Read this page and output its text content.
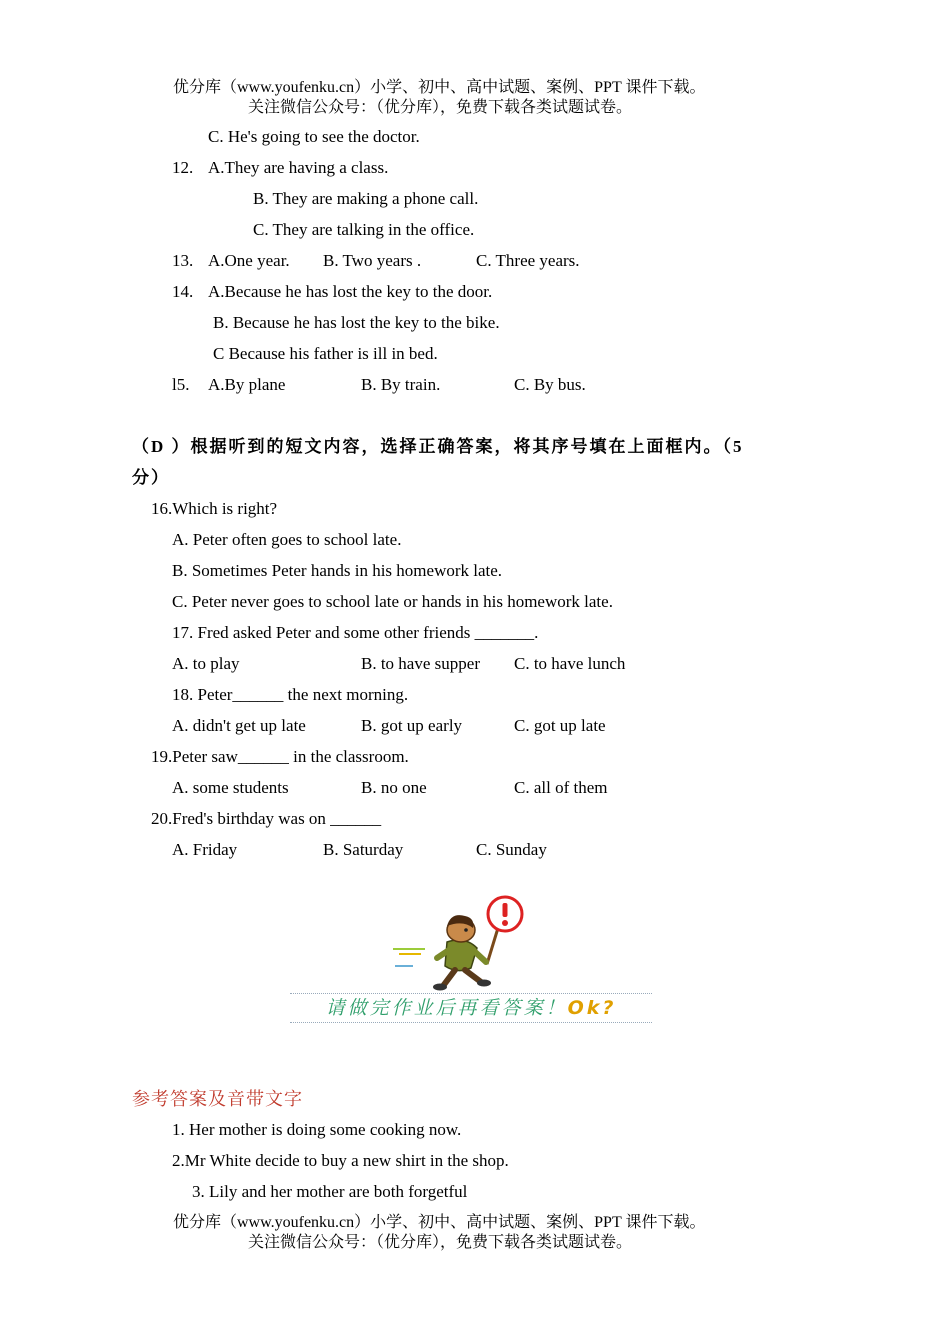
优分库（www.youfenku.cn）小学、初中、高中试题、案例、PPT 课件下载。
关注微信公众号：（优分库），免费下载各类试题试卷。
C. He's going to see the doctor.
12. A.They are having a class.
B. They are making a phone call.
C. They are talking in the office.
13. A.One year. B. Two years .	C. Three years.
14. A.Because he has lost the key to the door.
B. Because he has lost the key to the bike.
C Because his father is ill in bed.
l5. A.By plane	B. By train.	C. By bus.
（D ）根据听到的短文内容，选择正确答案，将其序号填在上面框内。（5
分）
16.Which is right?
A. Peter often goes to school late.
B. Sometimes Peter hands in his homework late.
C. Peter never goes to school late or hands in his homework late.
17. Fred asked Peter and some other friends _______.
A. to play	B. to have supper C. to have lunch
18. Peter______ the next morning.
A. didn't get up late	B. got up early	C. got up late
19.Peter saw______ in the classroom.
A. some students	B. no one	C. all of them
20.Fred's birthday was on ______
A. Friday	B. Saturday	C. Sunday
请做完作业后再看答案！Ok?
参考答案及音带文字
1. Her mother is doing some cooking now.
2.Mr White decide to buy a new shirt in the shop.
3. Lily and her mother are both forgetful
优分库（www.youfenku.cn）小学、初中、高中试题、案例、PPT 课件下载。
关注微信公众号：（优分库），免费下载各类试题试卷。
